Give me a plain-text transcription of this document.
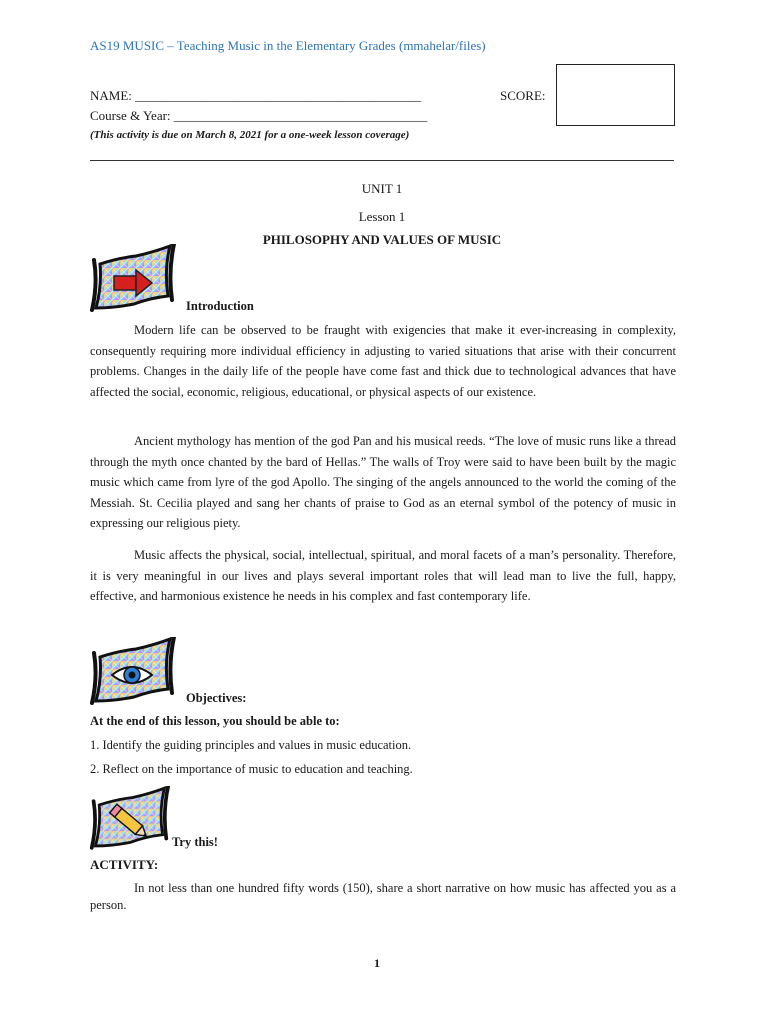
AS19 MUSIC – Teaching Music in the Elementary Grades (mmahelar/files)
NAME: ____________________________________________
Course & Year: _______________________________________
(This activity is due on March 8, 2021 for a one-week lesson coverage)
SCORE:
UNIT 1
Lesson 1
PHILOSOPHY AND VALUES OF MUSIC
Introduction

Modern life can be observed to be fraught with exigencies that make it ever-increasing in complexity, consequently requiring more individual efficiency in adjusting to varied situations that arise with their concurrent problems. Changes in the daily life of the people have come fast and thick due to technological advances that have affected the social, economic, religious, educational, or physical aspects of our existence.

Ancient mythology has mention of the god Pan and his musical reeds. “The love of music runs like a thread through the myth once chanted by the bard of Hellas.” The walls of Troy were said to have been built by the magic music which came from lyre of the god Apollo. The singing of the angels announced to the world the coming of the Messiah. St. Cecilia played and sang her chants of praise to God as an eternal symbol of the potency of music in expressing our religious piety.

Music affects the physical, social, intellectual, spiritual, and moral facets of a man’s personality. Therefore, it is very meaningful in our lives and plays several important roles that will lead man to live the full, happy, effective, and harmonious existence he needs in his complex and fast contemporary life.

Objectives:
At the end of this lesson, you should be able to:
1. Identify the guiding principles and values in music education.
2. Reflect on the importance of music to education and teaching.
Try this!
ACTIVITY:

In not less than one hundred fifty words (150), share a short narrative on how music has affected you as a person.

1
